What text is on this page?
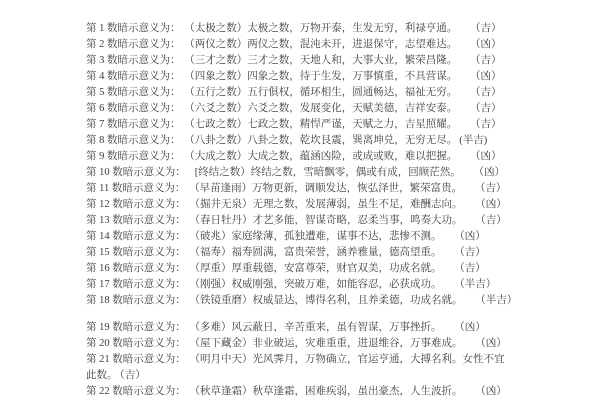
第 1 数暗示意义为： （太极之数）太极之数，万物开泰，生发无穷，利禄亨通。 （吉）
第 2 数暗示意义为： （两仪之数）两仪之数，混沌未开，进退保守，志望难达。 （凶）
第 3 数暗示意义为： （三才之数）三才之数，天地人和，大事大业，繁荣昌隆。 （吉）
第 4 数暗示意义为： （四象之数）四象之数，待于生发，万事慎重，不具营谋。 （凶）
第 5 数暗示意义为： （五行之数）五行俱权，循环相生，圆通畅达，福祉无穷。 （吉）
第 6 数暗示意义为： （六爻之数）六爻之数，发展变化，天赋美德，吉祥安泰。 （吉）
第 7 数暗示意义为： （七政之数）七政之数，精悍严谨，天赋之力，吉星照耀。 （吉）
第 8 数暗示意义为： （八卦之数）八卦之数，乾坎艮震，巽离坤兑，无穷无尽。 (半吉)
第 9 数暗示意义为： （大成之数）大成之数，蕴涵凶险，或成或败，难以把握。 （凶）
第 10 数暗示意义为： [终结之数）终结之数，雪暗飘零，偶或有成，回顾茫然。 （凶）
第 11 数暗示意义为： （早苗逢雨）万物更新，调顺发达，恢弘泽世，繁荣富贵。 （吉）
第 12 数暗示意义为： （掘井无泉）无理之数，发展薄弱，虽生不足，难酬志向。 （凶）
第 13 数暗示意义为： （春日牡丹）才艺多能，智谋奇略，忍柔当事，鸣奏大功。 （吉）
第 14 数暗示意义为： （破兆）家庭缘薄，孤独遭难，谋事不达，悲惨不测。 （凶）
第 15 数暗示意义为： （福寿）福寿圆满，富贵荣誉，涵养雅量，德高望重。 （吉）
第 16 数暗示意义为： （厚重）厚重载德，安富尊荣，财官双美，功成名就。 （吉）
第 17 数暗示意义为： （刚强）权威刚强，突破万难，如能容忍，必获成功。 （半吉）
第 18 数暗示意义为： （铁镜重磨）权威显达，博得名利，且养柔德，功成名就。 （半吉）
第 19 数暗示意义为： （多难）风云蔽日，辛苦重来，虽有智谋，万事挫折。 （凶）
第 20 数暗示意义为： （屋下藏金）非业破运，灾难重重，进退维谷，万事难成。 （凶）
第 21 数暗示意义为： （明月中天）光风霁月，万物确立，官运亨通，大搏名利。女性不宜
此数。 （吉）
第 22 数暗示意义为： （秋草逢霜）秋草逢霜，困难疾弱，虽出豪杰，人生波折。 （凶）
